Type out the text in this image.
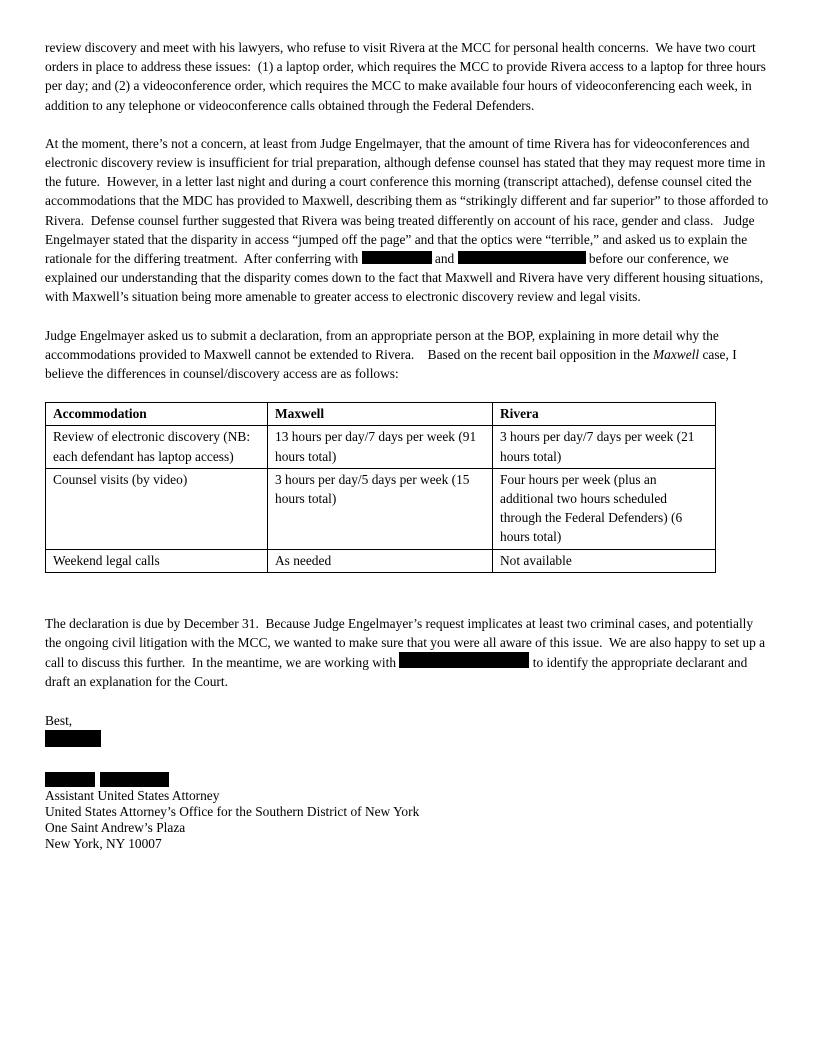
review discovery and meet with his lawyers, who refuse to visit Rivera at the MCC for personal health concerns.  We have two court orders in place to address these issues:  (1) a laptop order, which requires the MCC to provide Rivera access to a laptop for three hours per day; and (2) a videoconference order, which requires the MCC to make available four hours of videoconferencing each week, in addition to any telephone or videoconference calls obtained through the Federal Defenders.

At the moment, there’s not a concern, at least from Judge Engelmayer, that the amount of time Rivera has for videoconferences and electronic discovery review is insufficient for trial preparation, although defense counsel has stated that they may request more time in the future.  However, in a letter last night and during a court conference this morning (transcript attached), defense counsel cited the accommodations that the MDC has provided to Maxwell, describing them as “strikingly different and far superior” to those afforded to Rivera.  Defense counsel further suggested that Rivera was being treated differently on account of his race, gender and class.   Judge Engelmayer stated that the disparity in access “jumped off the page” and that the optics were “terrible,” and asked us to explain the rationale for the differing treatment.  After conferring with	and	before our conference, we explained our understanding that the disparity comes down to the fact that Maxwell and Rivera have very different housing situations, with Maxwell’s situation being more amenable to greater access to electronic discovery review and legal visits.

Judge Engelmayer asked us to submit a declaration, from an appropriate person at the BOP, explaining in more detail why the accommodations provided to Maxwell cannot be extended to Rivera.    Based on the recent bail opposition in the Maxwell case, I believe the differences in counsel/discovery access are as follows:

Accommodation	Maxwell	Rivera
Review of electronic discovery (NB: each defendant has laptop access)	13 hours per day/7 days per week (91 hours total)	3 hours per day/7 days per week (21 hours total)
Counsel visits (by video)	3 hours per day/5 days per week (15 hours total)	Four hours per week (plus an additional two hours scheduled through the Federal Defenders) (6 hours total)
Weekend legal calls	As needed	Not available

The declaration is due by December 31.  Because Judge Engelmayer’s request implicates at least two criminal cases, and potentially the ongoing civil litigation with the MCC, we wanted to make sure that you were all aware of this issue.  We are also happy to set up a call to discuss this further.  In the meantime, we are working with	to identify the appropriate declarant and draft an explanation for the Court.

Best,

Assistant United States Attorney
United States Attorney’s Office for the Southern District of New York
One Saint Andrew’s Plaza
New York, NY 10007
